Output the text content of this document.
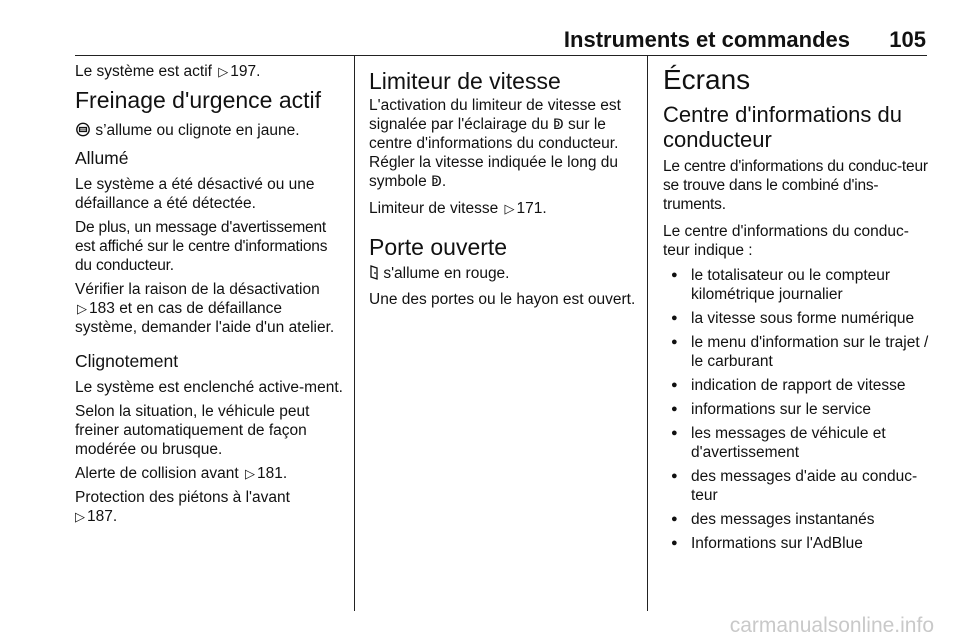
Instruments et commandes	105

Le système est actif ▷ 197.

Freinage d'urgence actif

s’allume ou clignote en jaune.

Allumé

Le système a été désactivé ou une défaillance a été détectée.

De plus, un message d'avertissement est affiché sur le centre d'informations du conducteur.

Vérifier la raison de la désactivation
▷ 183 et en cas de défaillance système, demander l'aide d'un atelier.

Clignotement

Le système est enclenché active-ment.

Selon la situation, le véhicule peut freiner automatiquement de façon modérée ou brusque.

Alerte de collision avant ▷ 181.

Protection des piétons à l'avant
▷ 187.

Limiteur de vitesse

L'activation du limiteur de vitesse est signalée par l'éclairage du ↁ sur le centre d'informations du conducteur. Régler la vitesse indiquée le long du symbole ↁ.

Limiteur de vitesse ▷ 171.

Porte ouverte

s'allume en rouge.

Une des portes ou le hayon est ouvert.

Écrans
Centre d'informations du conducteur

Le centre d'informations du conduc-teur se trouve dans le combiné d'ins-truments.

Le centre d'informations du conduc-teur indique :

● le totalisateur ou le compteur kilométrique journalier
● la vitesse sous forme numérique
● le menu d'information sur le trajet / le carburant
● indication de rapport de vitesse
● informations sur le service
● les messages de véhicule et d'avertissement
● des messages d'aide au conduc-teur
● des messages instantanés
● Informations sur l'AdBlue
carmanualsonline.info
